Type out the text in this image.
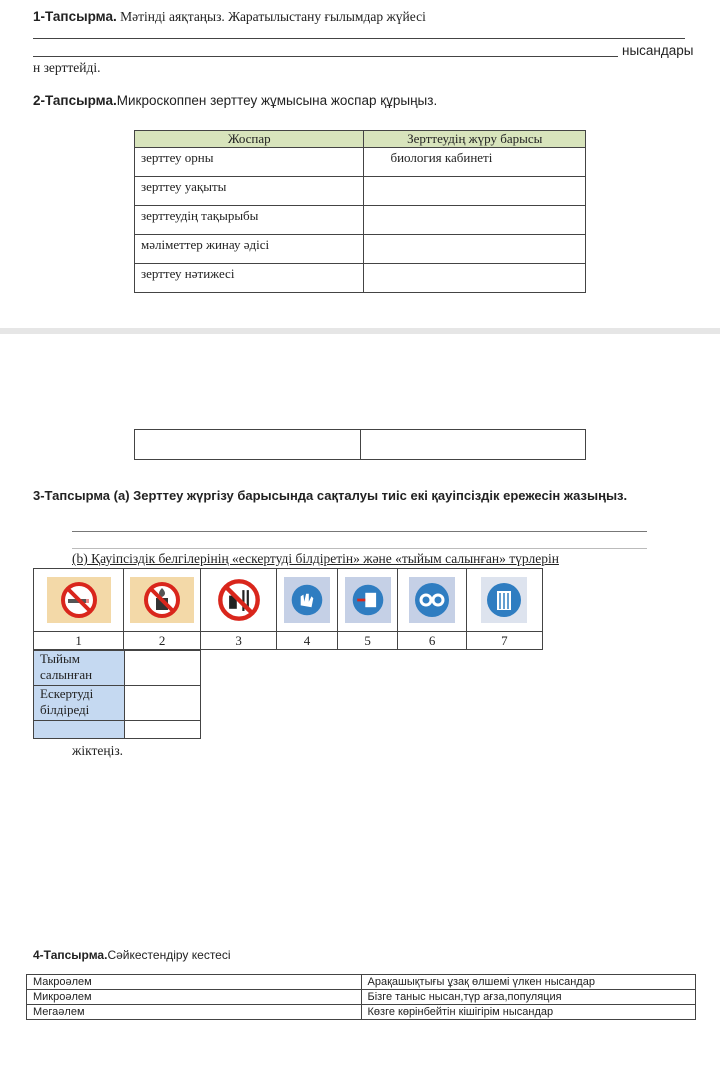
1-Тапсырма. Мәтінді аяқтаңыз. Жаратылыстану ғылымдар жүйесі
нысандары
н зерттейді.
2-Тапсырма.Микроскоппен зерттеу жұмысына жоспар құрыңыз.
Жоспар	Зерттеудің жүру барысы
зерттеу орны	биология кабинеті
зерттеу уақыты	
зерттеудің тақырыбы	
мәліметтер жинау әдісі	
зерттеу нәтижесі	

3-Тапсырма (а) Зерттеу жүргізу барысында сақталуы тиіс екі қауіпсіздік ережесін жазыңыз.
(b) Қауіпсіздік белгілерінің «ескертуді білдіретін» және «тыйым салынған» түрлерін

1	2	3	4	5	6	7
Тыйым салынған	
Ескертуді білдіреді	

жіктеңіз.
4-Тапсырма.Сәйкестендіру кестесі
Макроәлем	Арақашықтығы ұзақ өлшемі үлкен нысандар
Микроәлем	Бізге таныс нысан,түр ағза,популяция
Мегаәлем	Көзге көрінбейтін кішігірім нысандар
